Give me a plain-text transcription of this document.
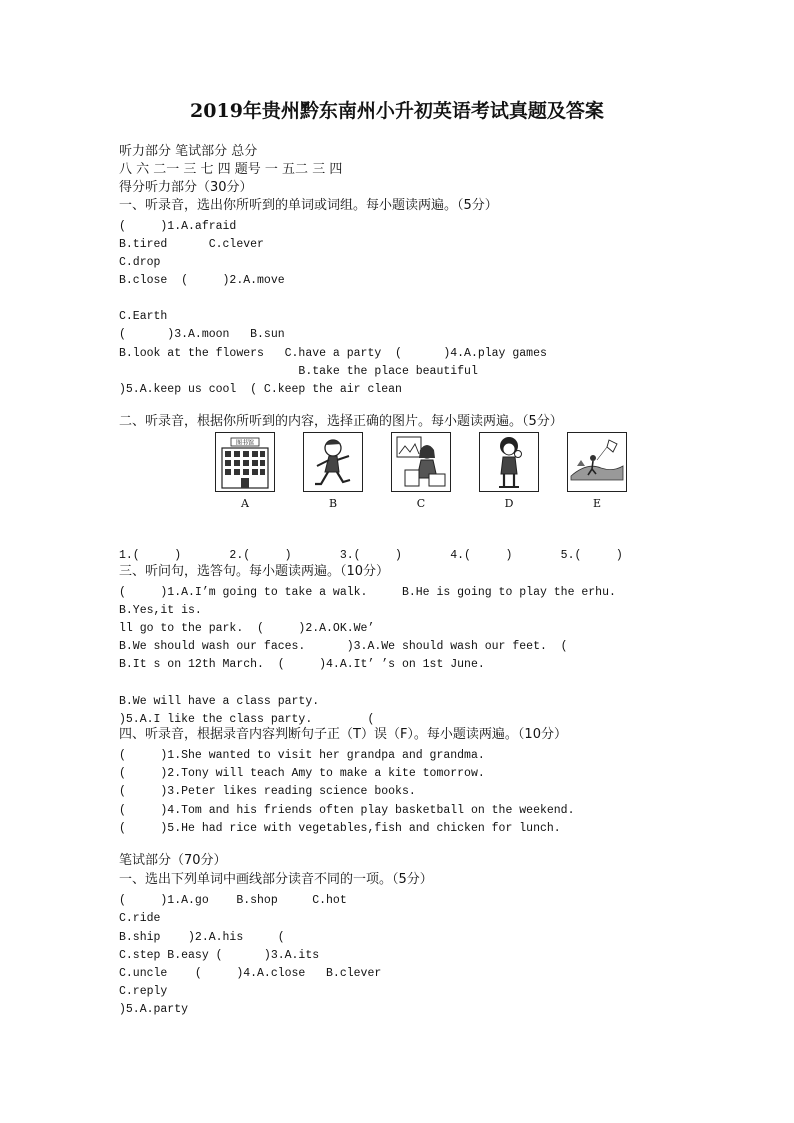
2019年贵州黔东南州小升初英语考试真题及答案
听力部分 笔试部分 总分
八 六 二一 三 七 四 题号 一 五二 三 四
得分听力部分（30分）
一、听录音，选出你所听到的单词或词组。每小题读两遍。（5分）
(     )1.A.afraid
B.tired      C.clever
C.drop
B.close  (     )2.A.move
C.Earth
(      )3.A.moon   B.sun
B.look at the flowers   C.have a party  (      )4.A.play games
B.take the place beautiful
)5.A.keep us cool  ( C.keep the air clean
二、听录音，根据你所听到的内容，选择正确的图片。每小题读两遍。（5分）
图书馆
A	B	C	D	E
1.(     )       2.(     )       3.(     )       4.(     )       5.(     )
三、听问句，选答句。每小题读两遍。（10分）
(     )1.A.I’m going to take a walk.     B.He is going to play the erhu.
B.Yes,it is.
ll go to the park.  (     )2.A.OK.We’
B.We should wash our faces.      )3.A.We should wash our feet.  (
B.It s on 12th March.  (     )4.A.It’ ’s on 1st June.
B.We will have a class party.
)5.A.I like the class party.        (
四、听录音，根据录音内容判断句子正（T）误（F）。每小题读两遍。（10分）
(     )1.She wanted to visit her grandpa and grandma.
(     )2.Tony will teach Amy to make a kite tomorrow.
(     )3.Peter likes reading science books.
(     )4.Tom and his friends often play basketball on the weekend.
(     )5.He had rice with vegetables,fish and chicken for lunch.
笔试部分（70分）
一、选出下列单词中画线部分读音不同的一项。（5分）
(     )1.A.go    B.shop     C.hot
C.ride
B.ship    )2.A.his     (
C.step B.easy (      )3.A.its
C.uncle    (     )4.A.close   B.clever
C.reply
)5.A.party
